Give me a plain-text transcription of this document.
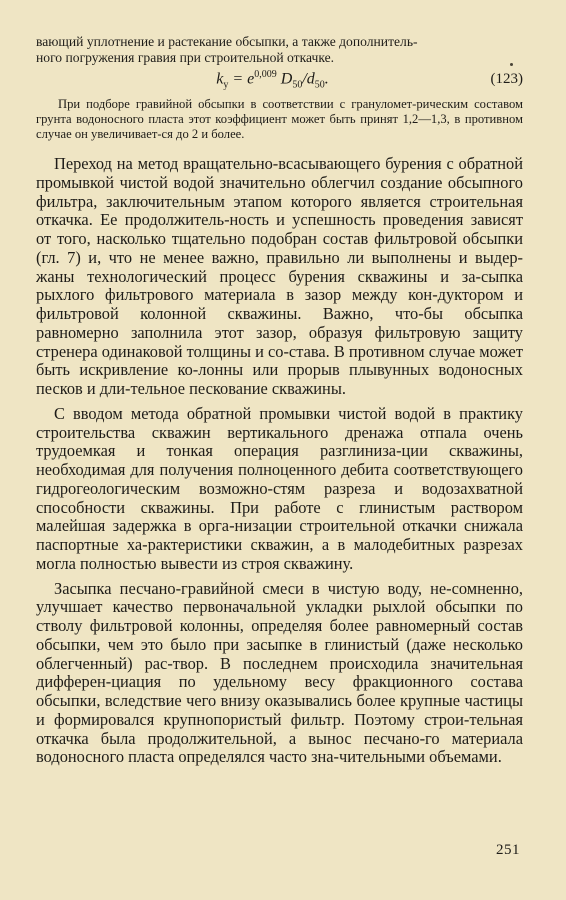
вающий уплотнение и растекание обсыпки, а также дополнитель-

ного погружения гравия при строительной откачке.

$k_у = e^{0,009}$ $D_{50}/d_{50}$.	(123)

При подборе гравийной обсыпки в соответствии с грануломет-рическим составом грунта водоносного пласта этот коэффициент может быть принят 1,2—1,3, в противном случае он увеличивает-ся до 2 и более.

Переход на метод вращательно-всасывающего бурения с обратной промывкой чистой водой значительно облегчил создание обсыпного фильтра, заключительным этапом которого является строительная откачка. Ее продолжитель-ность и успешность проведения зависят от того, насколько тщательно подобран состав фильтровой обсыпки (гл. 7) и, что не менее важно, правильно ли выполнены и выдер-жаны технологический процесс бурения скважины и за-сыпка рыхлого фильтрового материала в зазор между кон-дуктором и фильтровой колонной скважины. Важно, что-бы обсыпка равномерно заполнила этот зазор, образуя фильтровую защиту стренера одинаковой толщины и со-става. В противном случае может быть искривление ко-лонны или прорыв плывунных водоносных песков и дли-тельное пескование скважины.

С вводом метода обратной промывки чистой водой в практику строительства скважин вертикального дренажа отпала очень трудоемкая и тонкая операция разглиниза-ции скважины, необходимая для получения полноценного дебита соответствующего гидрогеологическим возможно-стям разреза и водозахватной способности скважины. При работе с глинистым раствором малейшая задержка в орга-низации строительной откачки снижала паспортные ха-рактеристики скважин, а в малодебитных разрезах могла полностью вывести из строя скважину.

Засыпка песчано-гравийной смеси в чистую воду, не-сомненно, улучшает качество первоначальной укладки рыхлой обсыпки по стволу фильтровой колонны, определяя более равномерный состав обсыпки, чем это было при засыпке в глинистый (даже несколько облегченный) рас-твор. В последнем происходила значительная дифферен-циация по удельному весу фракционного состава обсыпки, вследствие чего внизу оказывались более крупные частицы и формировался крупнопористый фильтр. Поэтому строи-тельная откачка была продолжительной, а вынос песчано-го материала водоносного пласта определялся часто зна-чительными объемами.

251
